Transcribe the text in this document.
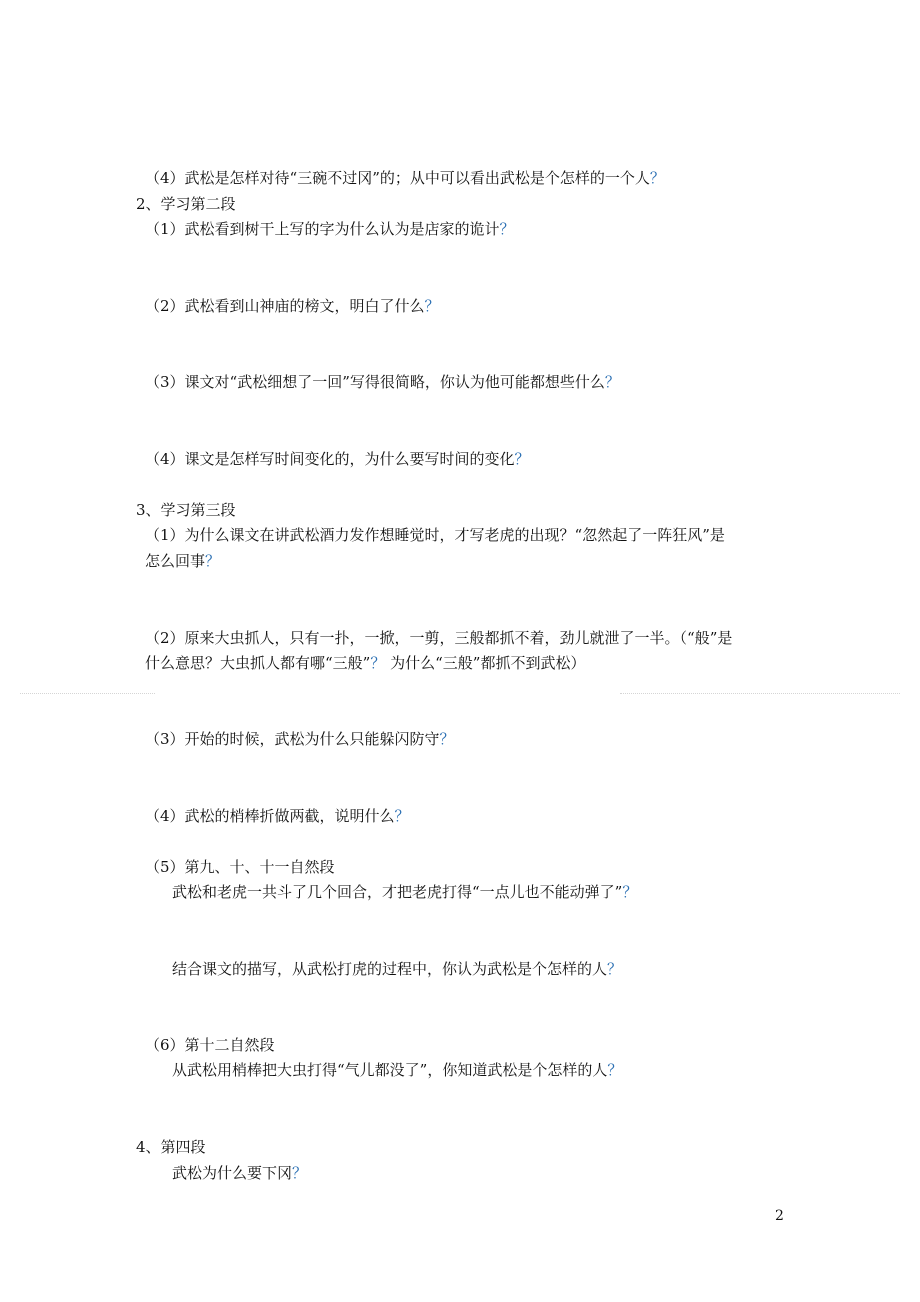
（4）武松是怎样对待“三碗不过冈”的；从中可以看出武松是个怎样的一个人？
2、学习第二段
（1）武松看到树干上写的字为什么认为是店家的诡计？
（2）武松看到山神庙的榜文，明白了什么？
（3）课文对“武松细想了一回”写得很简略，你认为他可能都想些什么？
（4）课文是怎样写时间变化的，为什么要写时间的变化？
3、学习第三段
（1）为什么课文在讲武松酒力发作想睡觉时，才写老虎的出现？“忽然起了一阵狂风”是
怎么回事？
（2）原来大虫抓人，只有一扑，一掀，一剪，三般都抓不着，劲儿就泄了一半。（“般”是
什么意思？大虫抓人都有哪“三般”？ 为什么“三般”都抓不到武松）
（3）开始的时候，武松为什么只能躲闪防守？
（4）武松的梢棒折做两截，说明什么？
（5）第九、十、十一自然段
武松和老虎一共斗了几个回合，才把老虎打得“一点儿也不能动弹了”？
结合课文的描写，从武松打虎的过程中，你认为武松是个怎样的人？
（6）第十二自然段
从武松用梢棒把大虫打得“气儿都没了”，你知道武松是个怎样的人？
4、第四段
武松为什么要下冈？
2
